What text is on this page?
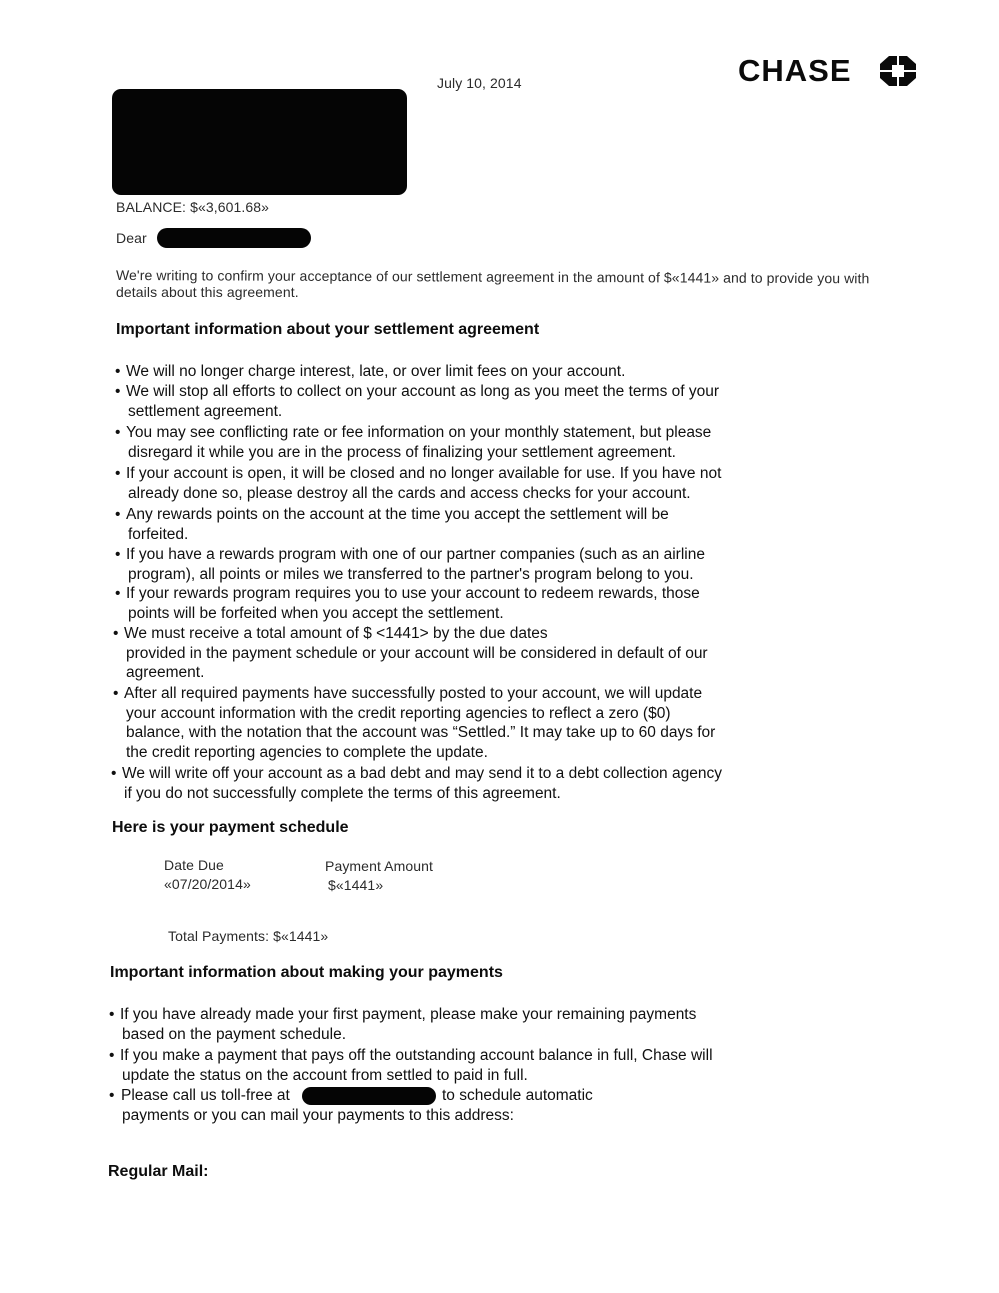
July 10, 2014	CHASE
BALANCE: $«3,601.68»
Dear
We're writing to confirm your acceptance of our settlement agreement in the amount of $«1441» and to provide you with
details about this agreement.
Important information about your settlement agreement
• We will no longer charge interest, late, or over limit fees on your account.
• We will stop all efforts to collect on your account as long as you meet the terms of your
settlement agreement.
• You may see conflicting rate or fee information on your monthly statement, but please
disregard it while you are in the process of finalizing your settlement agreement.
• If your account is open, it will be closed and no longer available for use. If you have not
already done so, please destroy all the cards and access checks for your account.
• Any rewards points on the account at the time you accept the settlement will be
forfeited.
• If you have a rewards program with one of our partner companies (such as an airline
program), all points or miles we transferred to the partner's program belong to you.
• If your rewards program requires you to use your account to redeem rewards, those
points will be forfeited when you accept the settlement.
• We must receive a total amount of $ <1441> by the due dates
provided in the payment schedule or your account will be considered in default of our
agreement.
• After all required payments have successfully posted to your account, we will update
your account information with the credit reporting agencies to reflect a zero ($0)
balance, with the notation that the account was “Settled.” It may take up to 60 days for
the credit reporting agencies to complete the update.
• We will write off your account as a bad debt and may send it to a debt collection agency
if you do not successfully complete the terms of this agreement.
Here is your payment schedule
Date Due	Payment Amount
«07/20/2014»	$«1441»
Total Payments: $«1441»
Important information about making your payments
• If you have already made your first payment, please make your remaining payments
based on the payment schedule.
• If you make a payment that pays off the outstanding account balance in full, Chase will
update the status on the account from settled to paid in full.
• Please call us toll-free at
payments or you can mail your payments to this address:
to schedule automatic
Regular Mail:
